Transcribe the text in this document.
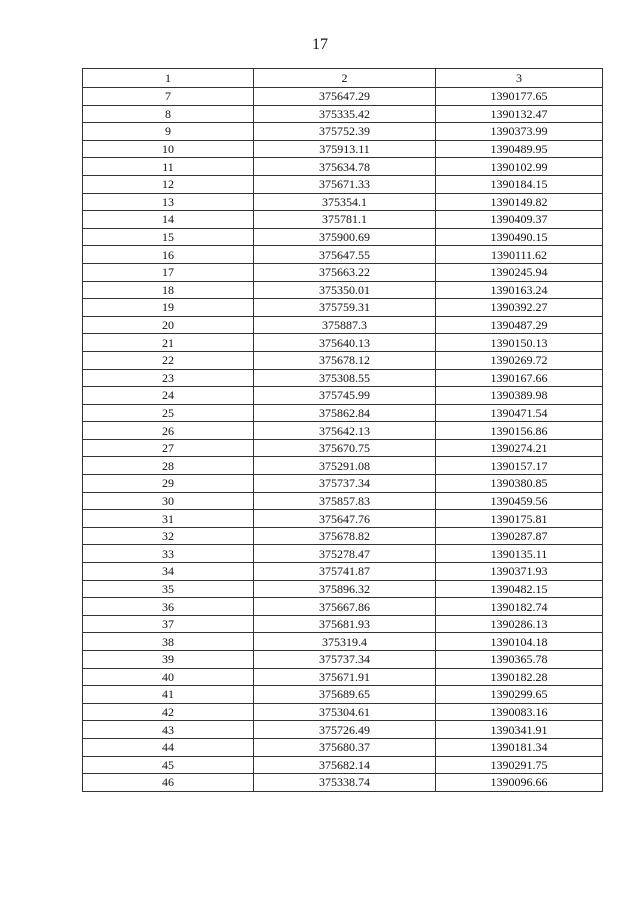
17
1	2	3
7	375647.29	1390177.65
8	375335.42	1390132.47
9	375752.39	1390373.99
10	375913.11	1390489.95
11	375634.78	1390102.99
12	375671.33	1390184.15
13	375354.1	1390149.82
14	375781.1	1390409.37
15	375900.69	1390490.15
16	375647.55	1390111.62
17	375663.22	1390245.94
18	375350.01	1390163.24
19	375759.31	1390392.27
20	375887.3	1390487.29
21	375640.13	1390150.13
22	375678.12	1390269.72
23	375308.55	1390167.66
24	375745.99	1390389.98
25	375862.84	1390471.54
26	375642.13	1390156.86
27	375670.75	1390274.21
28	375291.08	1390157.17
29	375737.34	1390380.85
30	375857.83	1390459.56
31	375647.76	1390175.81
32	375678.82	1390287.87
33	375278.47	1390135.11
34	375741.87	1390371.93
35	375896.32	1390482.15
36	375667.86	1390182.74
37	375681.93	1390286.13
38	375319.4	1390104.18
39	375737.34	1390365.78
40	375671.91	1390182.28
41	375689.65	1390299.65
42	375304.61	1390083.16
43	375726.49	1390341.91
44	375680.37	1390181.34
45	375682.14	1390291.75
46	375338.74	1390096.66
